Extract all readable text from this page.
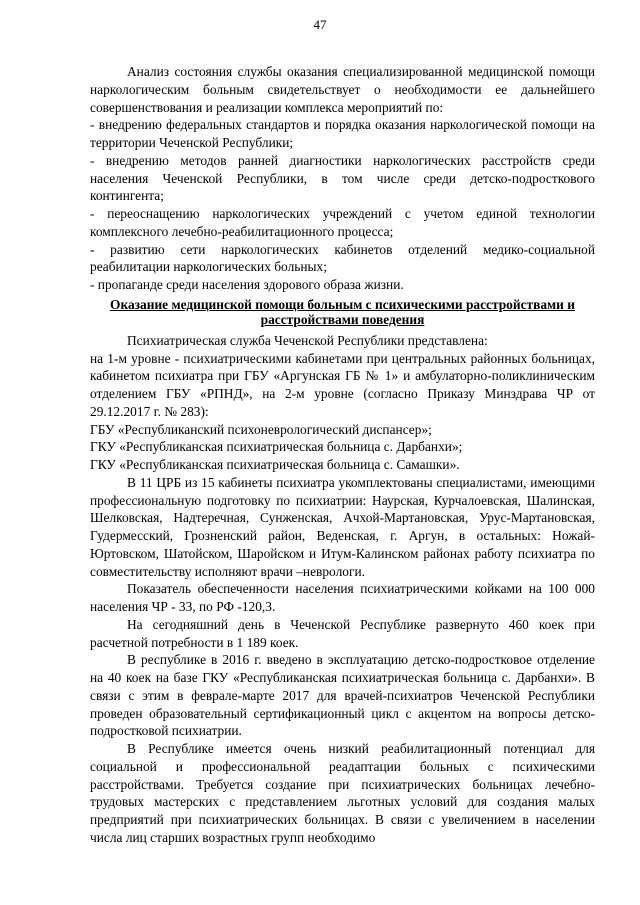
47

Анализ состояния службы оказания специализированной медицинской помощи наркологическим больным свидетельствует о необходимости ее дальнейшего совершенствования и реализации комплекса мероприятий по:

- внедрению федеральных стандартов и порядка оказания наркологической помощи на территории Чеченской Республики;

- внедрению методов ранней диагностики наркологических расстройств среди населения Чеченской Республики, в том числе среди детско-подросткового контингента;

- переоснащению наркологических учреждений с учетом единой технологии комплексного лечебно-реабилитационного процесса;

- развитию сети наркологических кабинетов отделений медико-социальной реабилитации наркологических больных;

- пропаганде среди населения здорового образа жизни.

Оказание медицинской помощи больным с психическими расстройствами и расстройствами поведения

Психиатрическая служба Чеченской Республики представлена:

на 1-м уровне - психиатрическими кабинетами при центральных районных больницах, кабинетом психиатра при ГБУ «Аргунская ГБ № 1» и амбулаторно-поликлиническим отделением ГБУ «РПНД», на 2-м уровне (согласно Приказу Минздрава ЧР от 29.12.2017 г. № 283):

ГБУ «Республиканский психоневрологический диспансер»;

ГКУ «Республиканская психиатрическая больница с. Дарбанхи»;

ГКУ «Республиканская психиатрическая больница с. Самашки».

В 11 ЦРБ из 15 кабинеты психиатра укомплектованы специалистами, имеющими профессиональную подготовку по психиатрии: Наурская, Курчалоевская, Шалинская, Шелковская, Надтеречная, Сунженская, Ачхой-Мартановская, Урус-Мартановская, Гудермесский, Грозненский район, Веденская, г. Аргун, в остальных: Ножай-Юртовском, Шатойском, Шаройском и Итум-Калинском районах работу психиатра по совместительству исполняют врачи –неврологи.

Показатель обеспеченности населения психиатрическими койками на 100 000 населения ЧР - 33, по РФ -120,3.

На сегодняшний день в Чеченской Республике развернуто 460 коек при расчетной потребности в 1 189 коек.

В республике в 2016 г. введено в эксплуатацию детско-подростковое отделение на 40 коек на базе ГКУ «Республиканская психиатрическая больница с. Дарбанхи». В связи с этим в феврале-марте 2017 для врачей-психиатров Чеченской Республики проведен образовательный сертификационный цикл с акцентом на вопросы детско-подростковой психиатрии.

В Республике имеется очень низкий реабилитационный потенциал для социальной и профессиональной реадаптации больных с психическими расстройствами. Требуется создание при психиатрических больницах лечебно-трудовых мастерских с представлением льготных условий для создания малых предприятий при психиатрических больницах. В связи с увеличением в населении числа лиц старших возрастных групп необходимо
